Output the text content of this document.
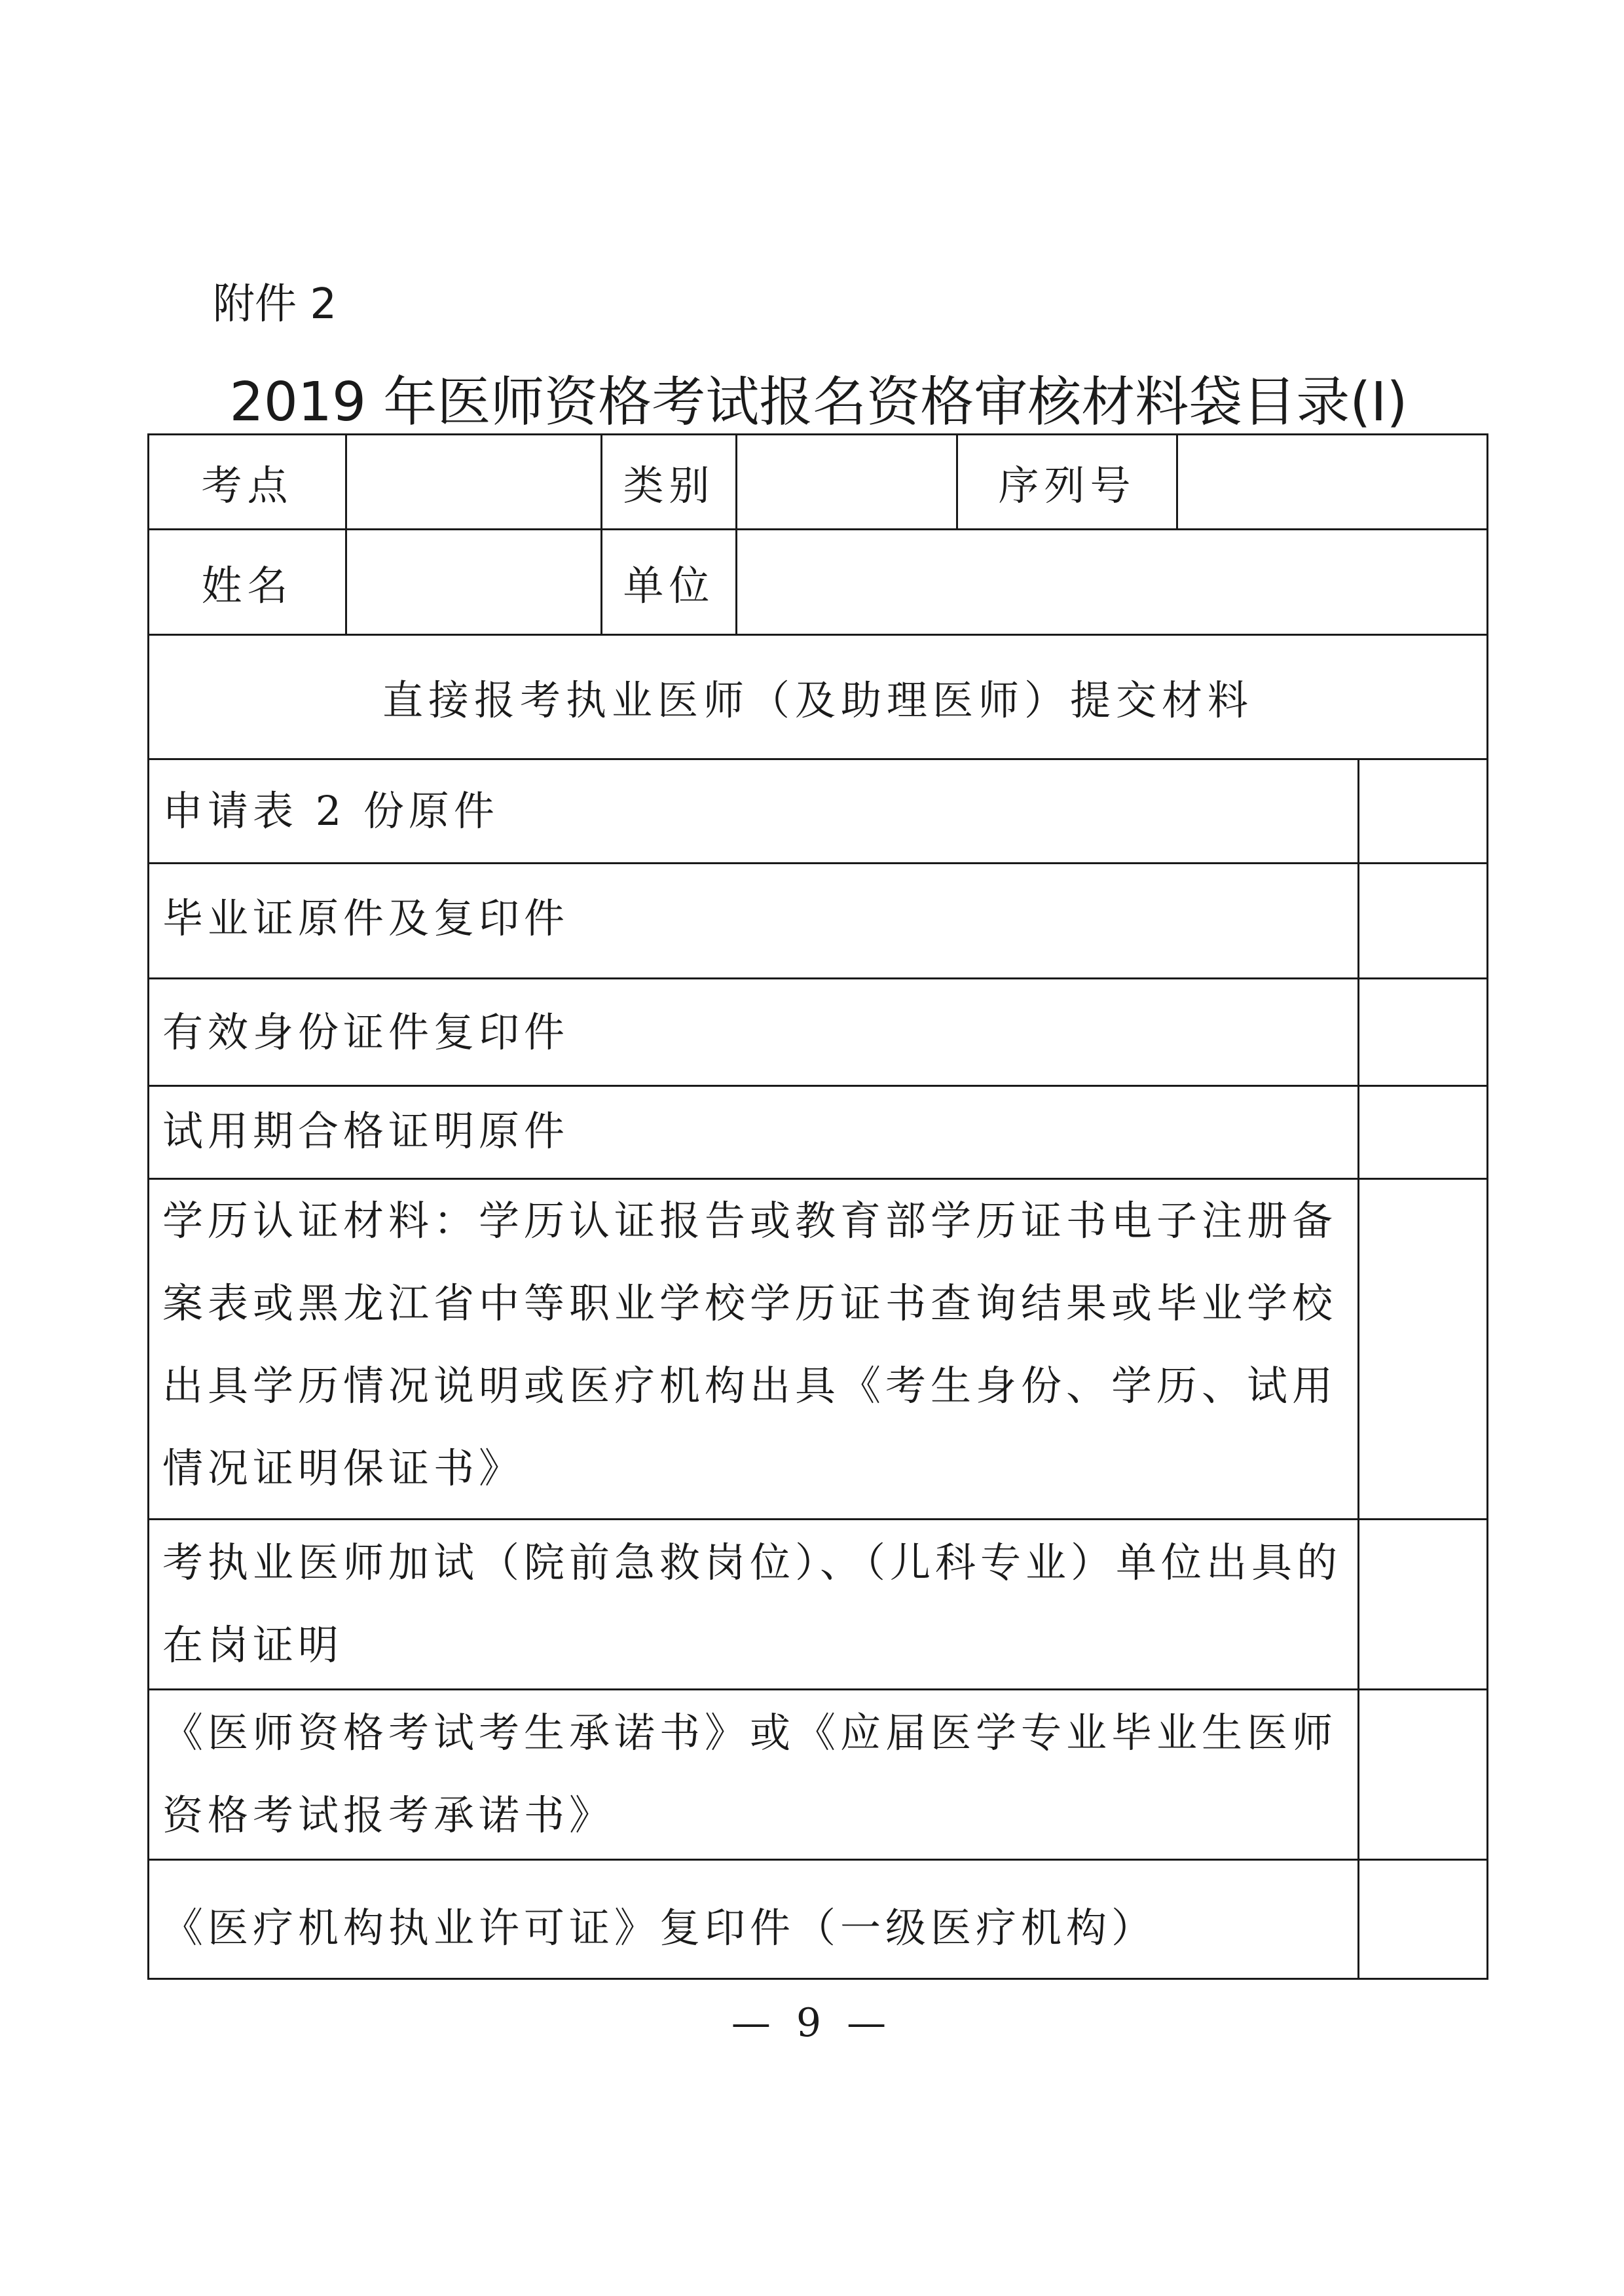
附件 2
2019 年医师资格考试报名资格审核材料袋目录(I)
考点	类别	序列号
姓名	单位
直接报考执业医师（及助理医师）提交材料
申请表 2 份原件
毕业证原件及复印件
有效身份证件复印件
试用期合格证明原件
学历认证材料：学历认证报告或教育部学历证书电子注册备案表或黑龙江省中等职业学校学历证书查询结果或毕业学校出具学历情况说明或医疗机构出具《考生身份、学历、试用情况证明保证书》
考执业医师加试（院前急救岗位）、（儿科专业）单位出具的在岗证明
《医师资格考试考生承诺书》或《应届医学专业毕业生医师资格考试报考承诺书》
《医疗机构执业许可证》复印件（一级医疗机构）
— 9 —
